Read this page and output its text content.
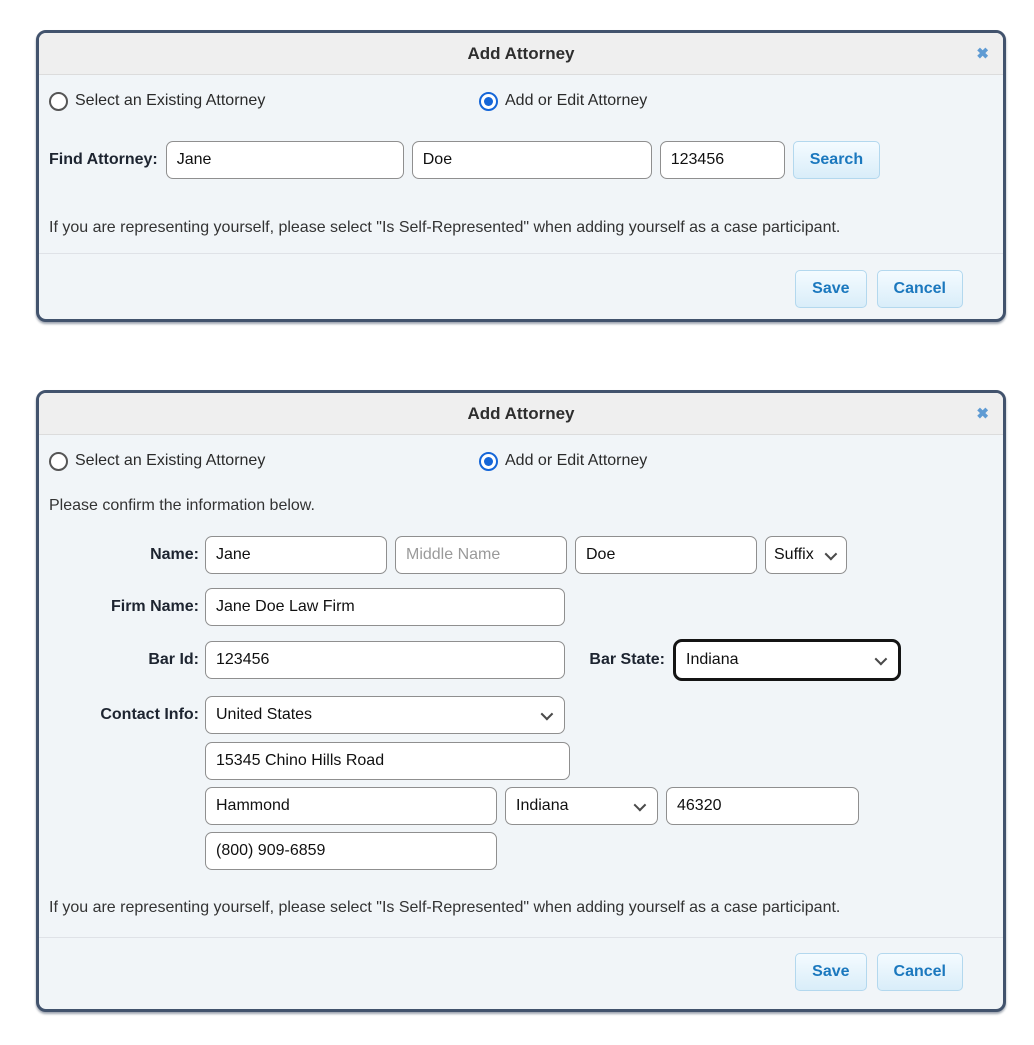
Add Attorney	✖
Select an Existing Attorney	Add or Edit Attorney
Find Attorney:
Jane
Doe
123456	Search

If you are representing yourself, please select "Is Self-Represented" when adding yourself as a case participant.

Save	Cancel
Add Attorney	✖
Select an Existing Attorney	Add or Edit Attorney

Please confirm the information below.

Name:
Jane
Middle Name
Doe	Suffix
Firm Name:
Jane Doe Law Firm
Bar Id:
123456	Bar State: Indiana
Contact Info: United States
15345 Chino Hills Road
Hammond
Indiana
46320
(800) 909-6859

If you are representing yourself, please select "Is Self-Represented" when adding yourself as a case participant.

Save	Cancel
